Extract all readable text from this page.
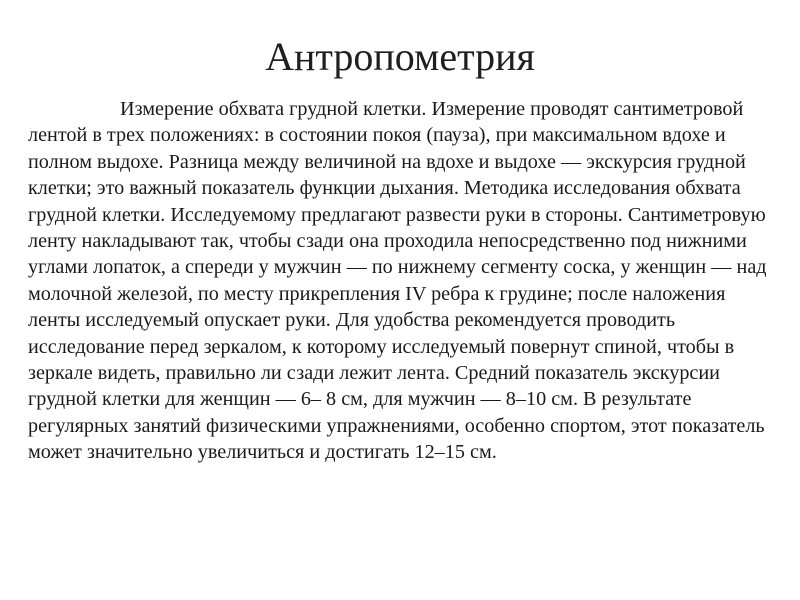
Антропометрия

Измерение обхвата грудной клетки. Измерение проводят сантиметровой лентой в трех положениях: в состоянии покоя (пауза), при максимальном вдохе и полном выдохе. Разница между величиной на вдохе и выдохе — экскурсия грудной клетки; это важный показатель функции дыхания. Методика исследования обхвата грудной клетки. Исследуемому предлагают развести руки в стороны. Сантиметровую ленту накладывают так, чтобы сзади она проходила непосредственно под нижними углами лопаток, а спереди у мужчин — по нижнему сегменту соска, у женщин — над молочной железой, по месту прикрепления IV ребра к грудине; после наложения ленты исследуемый опускает руки. Для удобства рекомендуется проводить исследование перед зеркалом, к которому исследуемый повернут спиной, чтобы в зеркале видеть, правильно ли сзади лежит лента. Средний показатель экскурсии грудной клетки для женщин — 6– 8 см, для мужчин — 8–10 см. В результате регулярных занятий физическими упражнениями, особенно спортом, этот показатель может значительно увеличиться и достигать 12–15 см.
